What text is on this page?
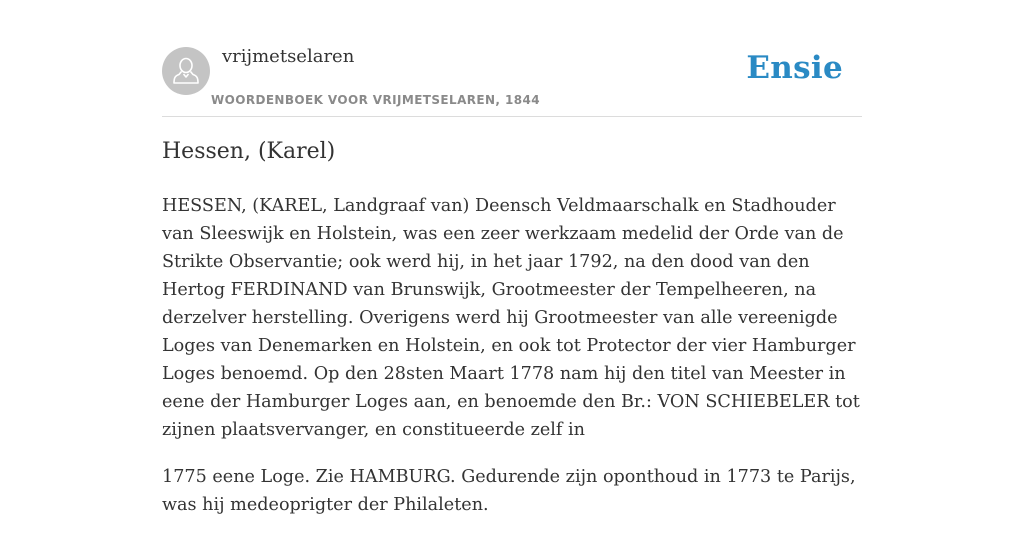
vrijmetselaren
WOORDENBOEK VOOR VRIJMETSELAREN, 1844
Ensie
Hessen, (Karel)

HESSEN, (KAREL, Landgraaf van) Deensch Veldmaarschalk en Stadhouder van Sleeswijk en Holstein, was een zeer werkzaam medelid der Orde van de Strikte Observantie; ook werd hij, in het jaar 1792, na den dood van den Hertog FERDINAND van Brunswijk, Grootmeester der Tempelheeren, na derzelver herstelling. Overigens werd hij Grootmeester van alle vereenigde Loges van Denemarken en Holstein, en ook tot Protector der vier Hamburger Loges benoemd. Op den 28sten Maart 1778 nam hij den titel van Meester in eene der Hamburger Loges aan, en benoemde den Br.: VON SCHIEBELER tot zijnen plaatsvervanger, en constitueerde zelf in

1775 eene Loge. Zie HAMBURG. Gedurende zijn oponthoud in 1773 te Parijs, was hij medeoprigter der Philaleten.
